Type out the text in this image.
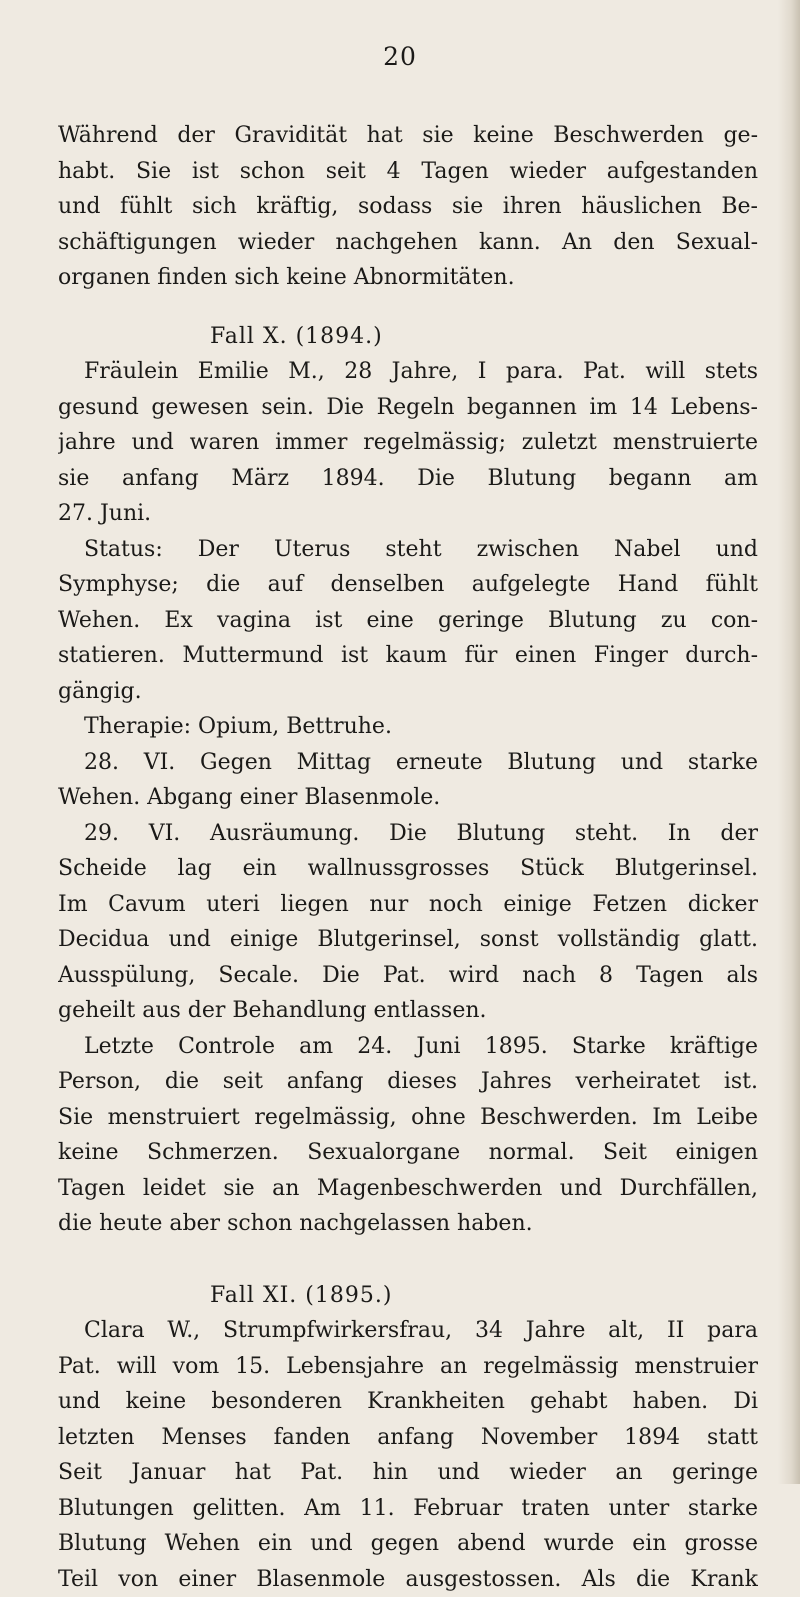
20
Während der Gravidität hat sie keine Beschwerden ge-
habt. Sie ist schon seit 4 Tagen wieder aufgestanden
und fühlt sich kräftig, sodass sie ihren häuslichen Be-
schäftigungen wieder nachgehen kann. An den Sexual-
organen finden sich keine Abnormitäten.
Fall X. (1894.)
Fräulein Emilie M., 28 Jahre, I para. Pat. will stets
gesund gewesen sein. Die Regeln begannen im 14 Lebens-
jahre und waren immer regelmässig; zuletzt menstruierte
sie anfang März 1894. Die Blutung begann am
27. Juni.
Status: Der Uterus steht zwischen Nabel und
Symphyse; die auf denselben aufgelegte Hand fühlt
Wehen. Ex vagina ist eine geringe Blutung zu con-
statieren. Muttermund ist kaum für einen Finger durch-
gängig.
Therapie: Opium, Bettruhe.
28. VI. Gegen Mittag erneute Blutung und starke
Wehen. Abgang einer Blasenmole.
29. VI. Ausräumung. Die Blutung steht. In der
Scheide lag ein wallnussgrosses Stück Blutgerinsel.
Im Cavum uteri liegen nur noch einige Fetzen dicker
Decidua und einige Blutgerinsel, sonst vollständig glatt.
Ausspülung, Secale. Die Pat. wird nach 8 Tagen als
geheilt aus der Behandlung entlassen.
Letzte Controle am 24. Juni 1895. Starke kräftige
Person, die seit anfang dieses Jahres verheiratet ist.
Sie menstruiert regelmässig, ohne Beschwerden. Im Leibe
keine Schmerzen. Sexualorgane normal. Seit einigen
Tagen leidet sie an Magenbeschwerden und Durchfällen,
die heute aber schon nachgelassen haben.
Fall XI. (1895.)
Clara W., Strumpfwirkersfrau, 34 Jahre alt, II para
Pat. will vom 15. Lebensjahre an regelmässig menstruier
und keine besonderen Krankheiten gehabt haben. Di
letzten Menses fanden anfang November 1894 statt
Seit Januar hat Pat. hin und wieder an geringe
Blutungen gelitten. Am 11. Februar traten unter starke
Blutung Wehen ein und gegen abend wurde ein grosse
Teil von einer Blasenmole ausgestossen. Als die Krank
